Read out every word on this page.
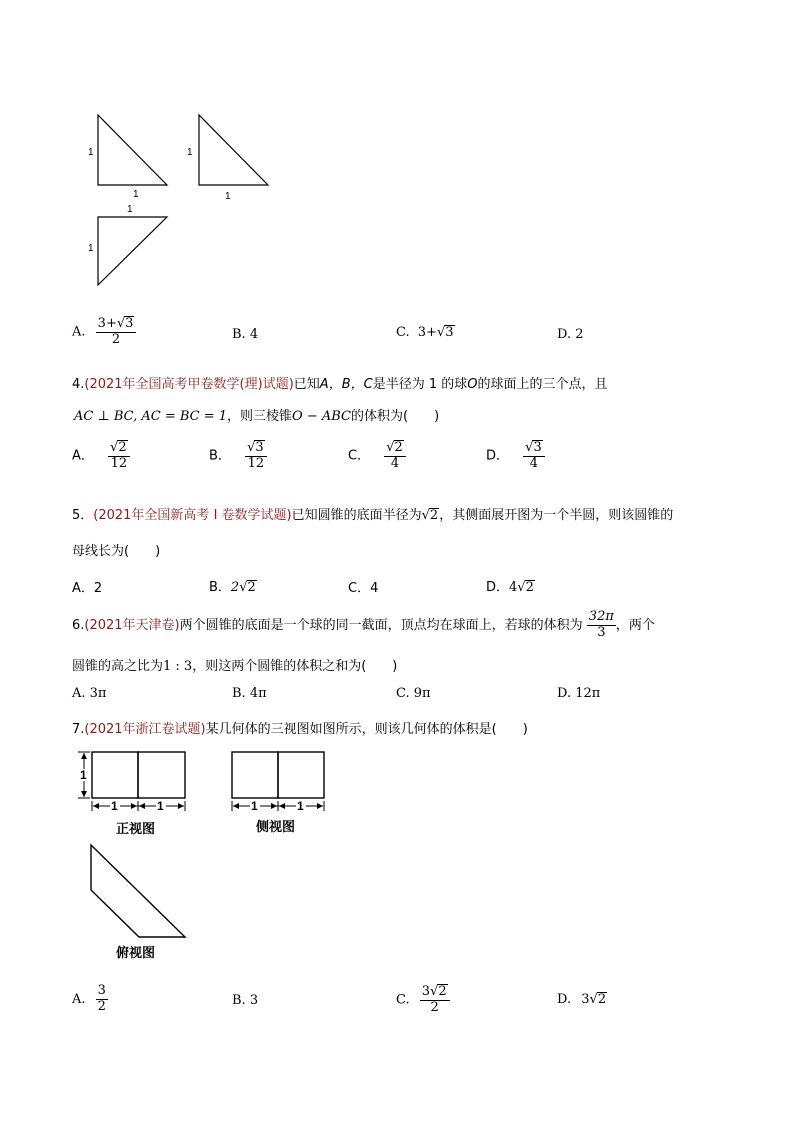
1
1
1
1
1
1
A. $\frac{3+√3}{2}$	B. 4	C. 3+√3	D. 2
4.(2021年全国高考甲卷数学(理)试题)已知A，B，C是半径为 1 的球O的球面上的三个点，且
AC ⊥ BC, AC = BC = 1，则三棱锥O − ABC的体积为(　　)
A． $\frac{√2}{12}$	B． $\frac{√3}{12}$	C． $\frac{√2}{4}$	D． $\frac{√3}{4}$
5．(2021年全国新高考 I 卷数学试题)已知圆锥的底面半径为√2，其侧面展开图为一个半圆，则该圆锥的
母线长为(　　)
A．2	B．2√2	C．4	D．4√2
6.(2021年天津卷)两个圆锥的底面是一个球的同一截面，顶点均在球面上，若球的体积为 $\frac{32\pi}{3}$ ，两个
圆锥的高之比为1 : 3，则这两个圆锥的体积之和为(　　)
A. 3π	B. 4π	C. 9π	D. 12π
7.(2021年浙江卷试题)某几何体的三视图如图所示，则该几何体的体积是(　　)
1
1	1
正视图
1	1
侧视图
俯视图
A. $\frac{3}{2}$	B. 3	C. $\frac{3√2}{2}$	D. 3√2
